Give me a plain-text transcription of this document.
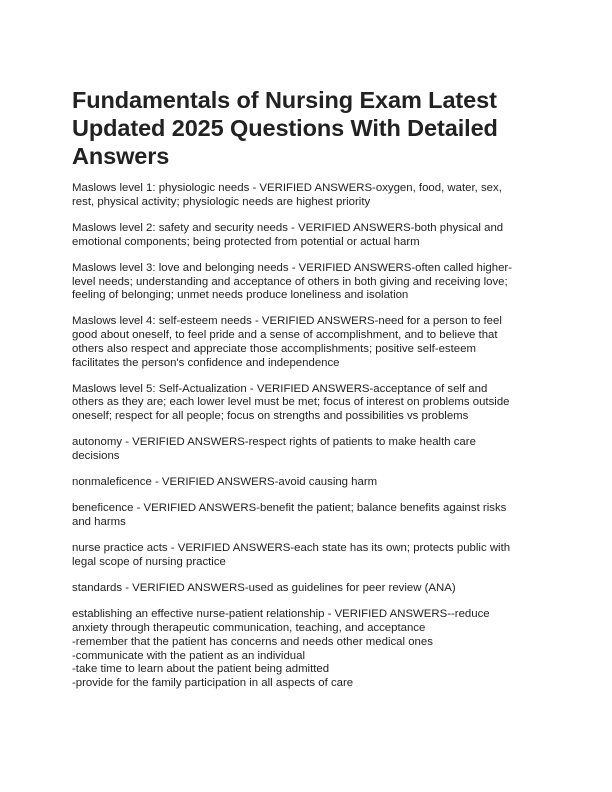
Fundamentals of Nursing Exam Latest
Updated 2025 Questions With Detailed
Answers

Maslows level 1: physiologic needs - VERIFIED ANSWERS-oxygen, food, water, sex,

rest, physical activity; physiologic needs are highest priority

Maslows level 2: safety and security needs - VERIFIED ANSWERS-both physical and

emotional components; being protected from potential or actual harm

Maslows level 3: love and belonging needs - VERIFIED ANSWERS-often called higher-

level needs; understanding and acceptance of others in both giving and receiving love;

feeling of belonging; unmet needs produce loneliness and isolation

Maslows level 4: self-esteem needs - VERIFIED ANSWERS-need for a person to feel

good about oneself, to feel pride and a sense of accomplishment, and to believe that

others also respect and appreciate those accomplishments; positive self-esteem

facilitates the person's confidence and independence

Maslows level 5: Self-Actualization - VERIFIED ANSWERS-acceptance of self and

others as they are; each lower level must be met; focus of interest on problems outside

oneself; respect for all people; focus on strengths and possibilities vs problems

autonomy - VERIFIED ANSWERS-respect rights of patients to make health care

decisions

nonmaleficence - VERIFIED ANSWERS-avoid causing harm

beneficence - VERIFIED ANSWERS-benefit the patient; balance benefits against risks

and harms

nurse practice acts - VERIFIED ANSWERS-each state has its own; protects public with

legal scope of nursing practice

standards - VERIFIED ANSWERS-used as guidelines for peer review (ANA)

establishing an effective nurse-patient relationship - VERIFIED ANSWERS--reduce

anxiety through therapeutic communication, teaching, and acceptance

-remember that the patient has concerns and needs other medical ones

-communicate with the patient as an individual

-take time to learn about the patient being admitted

-provide for the family participation in all aspects of care
